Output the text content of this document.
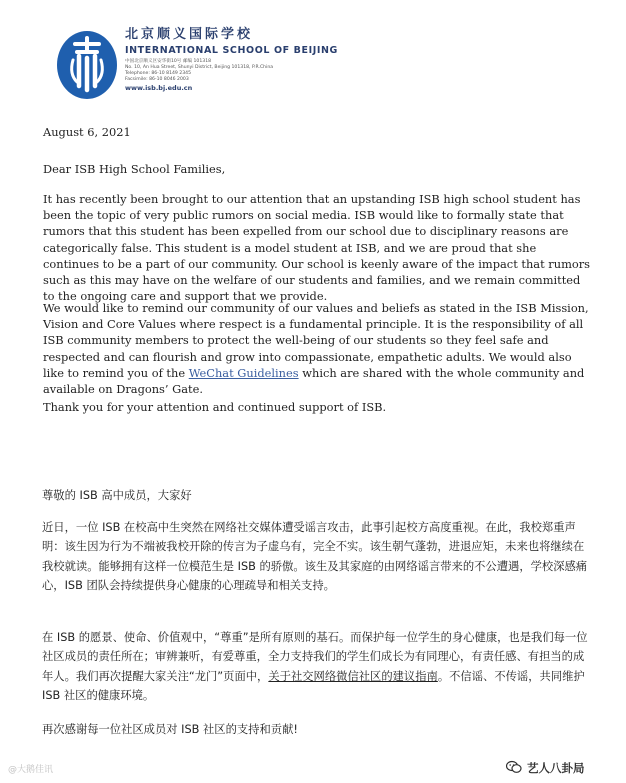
北京顺义国际学校
INTERNATIONAL SCHOOL OF BEIJING
中国北京顺义区安华街10号 邮编 101318
No. 10, An Hua Street, Shunyi District, Beijing 101318, P.R.China
Telephone: 86-10 8149 2345
Facsimile: 86-10 8046 2003
www.isb.bj.edu.cn
August 6, 2021
Dear ISB High School Families,

It has recently been brought to our attention that an upstanding ISB high school student has been the topic of very public rumors on social media. ISB would like to formally state that rumors that this student has been expelled from our school due to disciplinary reasons are categorically false. This student is a model student at ISB, and we are proud that she continues to be a part of our community. Our school is keenly aware of the impact that rumors such as this may have on the welfare of our students and families, and we remain committed to the ongoing care and support that we provide.

We would like to remind our community of our values and beliefs as stated in the ISB Mission, Vision and Core Values where respect is a fundamental principle. It is the responsibility of all ISB community members to protect the well-being of our students so they feel safe and respected and can flourish and grow into compassionate, empathetic adults. We would also like to remind you of the WeChat Guidelines which are shared with the whole community and available on Dragons’ Gate.

Thank you for your attention and continued support of ISB.
尊敬的 ISB 高中成员，大家好

近日，一位 ISB 在校高中生突然在网络社交媒体遭受谣言攻击，此事引起校方高度重视。在此，我校郑重声明：该生因为行为不端被我校开除的传言为子虚乌有，完全不实。该生朝气蓬勃，进退应矩，未来也将继续在我校就读。能够拥有这样一位模范生是 ISB 的骄傲。该生及其家庭的由网络谣言带来的不公遭遇，学校深感痛心，ISB 团队会持续提供身心健康的心理疏导和相关支持。

在 ISB 的愿景、使命、价值观中，“尊重”是所有原则的基石。而保护每一位学生的身心健康，也是我们每一位社区成员的责任所在；审辨兼听，有爱尊重，全力支持我们的学生们成长为有同理心，有责任感、有担当的成年人。我们再次提醒大家关注“龙门”页面中，关于社交网络微信社区的建议指南。不信谣、不传谣，共同维护 ISB 社区的健康环境。

再次感谢每一位社区成员对 ISB 社区的支持和贡献!
@大鹅佳讯	艺人八卦局
